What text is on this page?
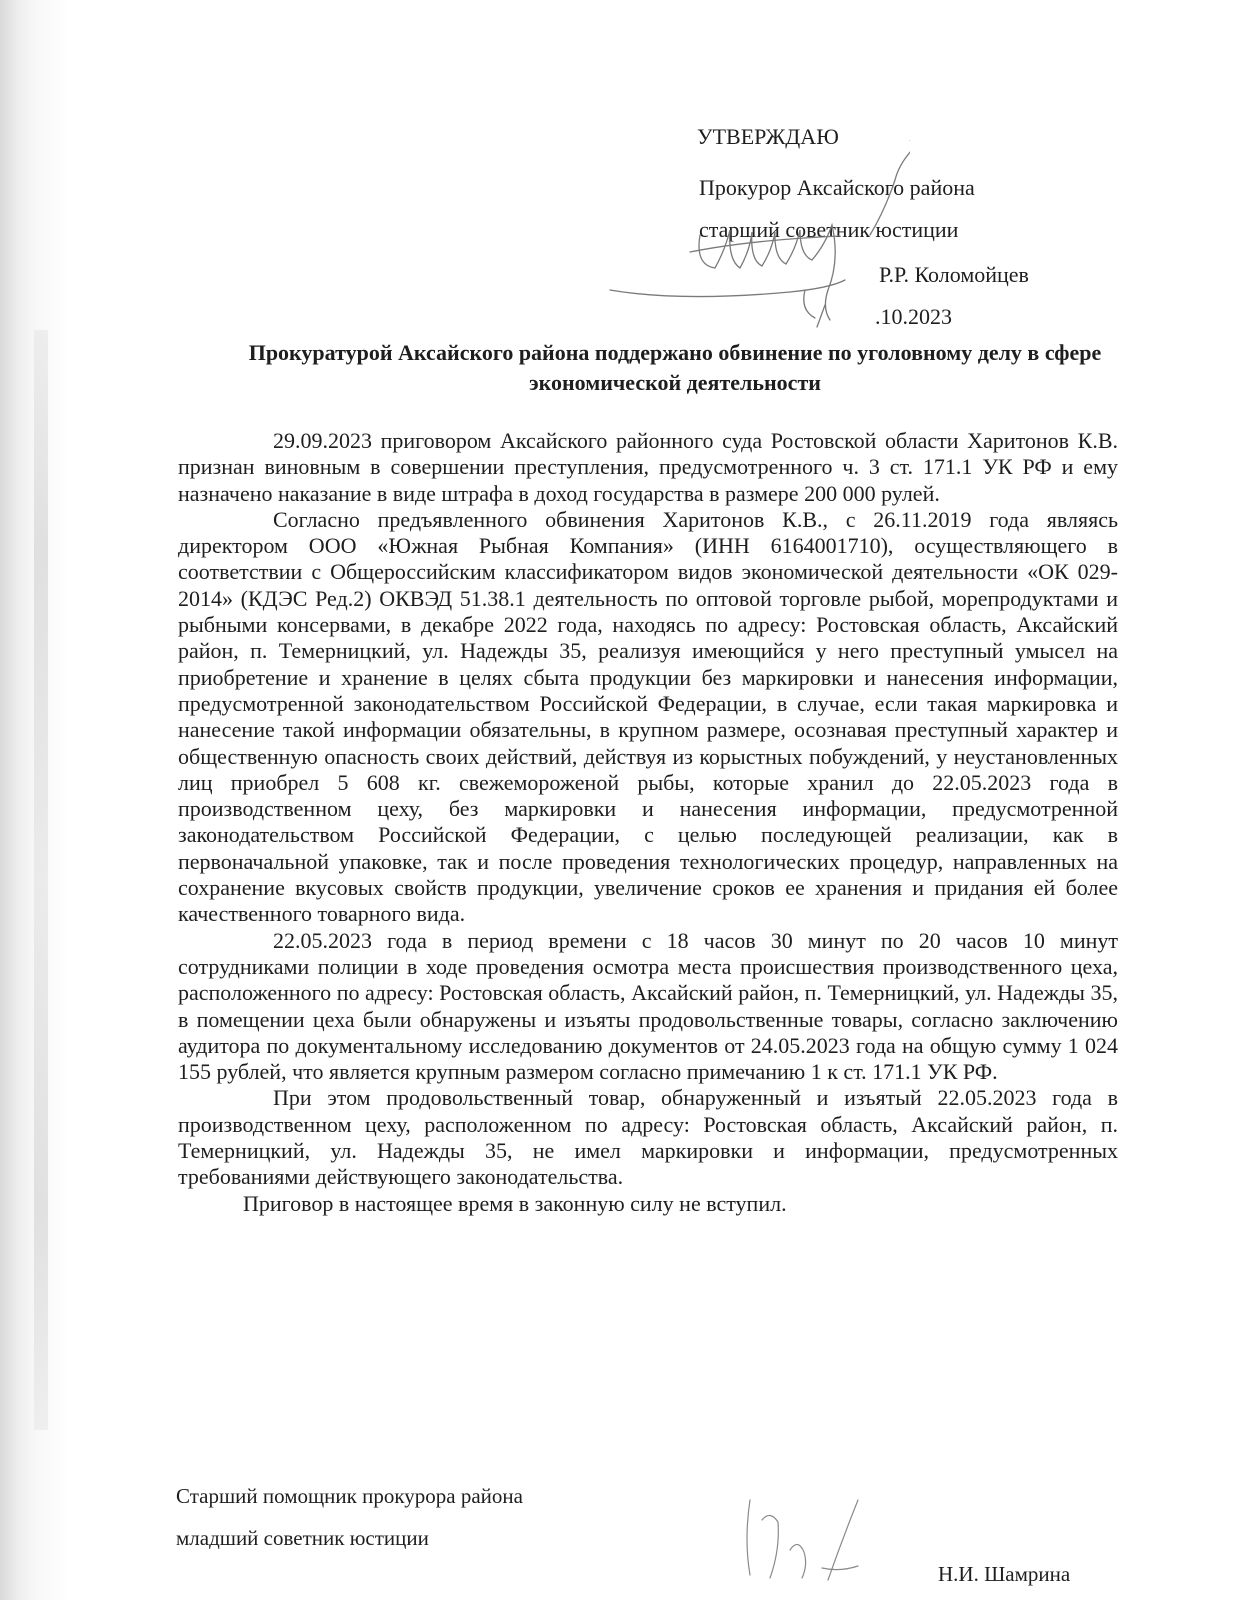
УТВЕРЖДАЮ
Прокурор Аксайского района
старший советник юстиции
Р.Р. Коломойцев
.10.2023
Прокуратурой Аксайского района поддержано обвинение по уголовному делу в сфере экономической деятельности

29.09.2023 приговором Аксайского районного суда Ростовской области Харитонов К.В. признан виновным в совершении преступления, предусмотренного ч. 3 ст. 171.1 УК РФ и ему назначено наказание в виде штрафа в доход государства в размере 200 000 рулей.

Согласно предъявленного обвинения Харитонов К.В., с 26.11.2019 года являясь директором ООО «Южная Рыбная Компания» (ИНН 6164001710), осуществляющего в соответствии с Общероссийским классификатором видов экономической деятельности «ОК 029-2014» (КДЭС Ред.2) ОКВЭД 51.38.1 деятельность по оптовой торговле рыбой, морепродуктами и рыбными консервами, в декабре 2022 года, находясь по адресу: Ростовская область, Аксайский район, п. Темерницкий, ул. Надежды 35, реализуя имеющийся у него преступный умысел на приобретение и хранение в целях сбыта продукции без маркировки и нанесения информации, предусмотренной законодательством Российской Федерации, в случае, если такая маркировка и нанесение такой информации обязательны, в крупном размере, осознавая преступный характер и общественную опасность своих действий, действуя из корыстных побуждений, у неустановленных лиц приобрел 5 608 кг. свежемороженой рыбы, которые хранил до 22.05.2023 года в производственном цеху, без маркировки и нанесения информации, предусмотренной законодательством Российской Федерации, с целью последующей реализации, как в первоначальной упаковке, так и после проведения технологических процедур, направленных на сохранение вкусовых свойств продукции, увеличение сроков ее хранения и придания ей более качественного товарного вида.

22.05.2023 года в период времени с 18 часов 30 минут по 20 часов 10 минут сотрудниками полиции в ходе проведения осмотра места происшествия производственного цеха, расположенного по адресу: Ростовская область, Аксайский район, п. Темерницкий, ул. Надежды 35, в помещении цеха были обнаружены и изъяты продовольственные товары, согласно заключению аудитора по документальному исследованию документов от 24.05.2023 года на общую сумму 1 024 155 рублей, что является крупным размером согласно примечанию 1 к ст. 171.1 УК РФ.

При этом продовольственный товар, обнаруженный и изъятый 22.05.2023 года в производственном цеху, расположенном по адресу: Ростовская область, Аксайский район, п. Темерницкий, ул. Надежды 35, не имел маркировки и информации, предусмотренных требованиями действующего законодательства.

Приговор в настоящее время в законную силу не вступил.

Старший помощник прокурора района
младший советник юстиции
Н.И. Шамрина
